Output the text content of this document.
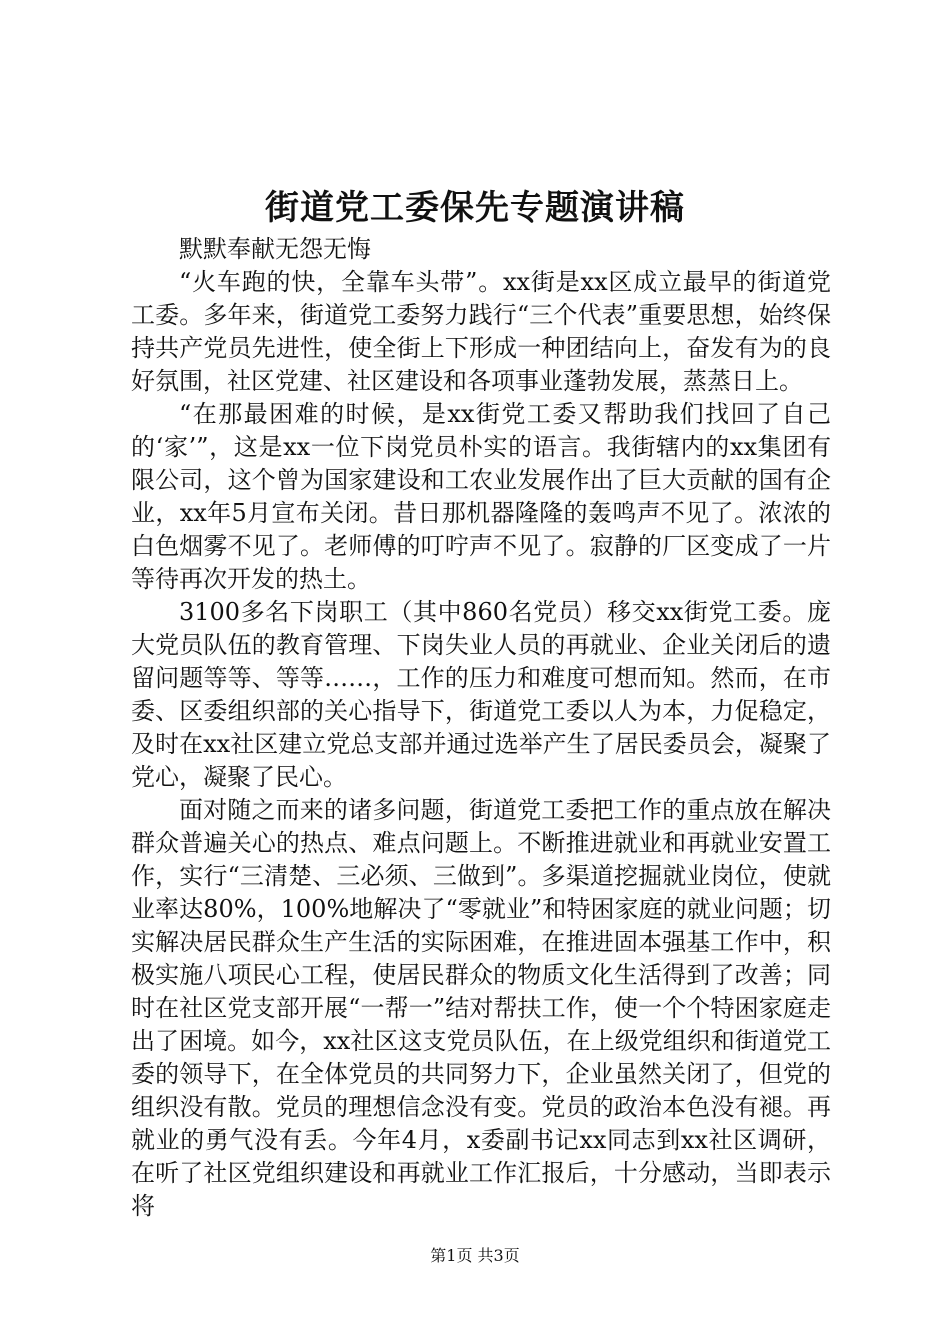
街道党工委保先专题演讲稿

默默奉献无怨无悔

“火车跑的快，全靠车头带”。xx街是xx区成立最早的街道党工委。多年来，街道党工委努力践行“三个代表”重要思想，始终保持共产党员先进性，使全街上下形成一种团结向上，奋发有为的良好氛围，社区党建、社区建设和各项事业蓬勃发展，蒸蒸日上。

“在那最困难的时候，是xx街党工委又帮助我们找回了自己的‘家’”，这是xx一位下岗党员朴实的语言。我街辖内的xx集团有限公司，这个曾为国家建设和工农业发展作出了巨大贡献的国有企业，xx年5月宣布关闭。昔日那机器隆隆的轰鸣声不见了。浓浓的白色烟雾不见了。老师傅的叮咛声不见了。寂静的厂区变成了一片等待再次开发的热土。

3100多名下岗职工（其中860名党员）移交xx街党工委。庞大党员队伍的教育管理、下岗失业人员的再就业、企业关闭后的遗留问题等等、等等……，工作的压力和难度可想而知。然而，在市委、区委组织部的关心指导下，街道党工委以人为本，力促稳定，及时在xx社区建立党总支部并通过选举产生了居民委员会，凝聚了党心，凝聚了民心。

面对随之而来的诸多问题，街道党工委把工作的重点放在解决群众普遍关心的热点、难点问题上。不断推进就业和再就业安置工作，实行“三清楚、三必须、三做到”。多渠道挖掘就业岗位，使就业率达80%，100%地解决了“零就业”和特困家庭的就业问题；切实解决居民群众生产生活的实际困难，在推进固本强基工作中，积极实施八项民心工程，使居民群众的物质文化生活得到了改善；同时在社区党支部开展“一帮一”结对帮扶工作，使一个个特困家庭走出了困境。如今，xx社区这支党员队伍，在上级党组织和街道党工委的领导下，在全体党员的共同努力下，企业虽然关闭了，但党的组织没有散。党员的理想信念没有变。党员的政治本色没有褪。再就业的勇气没有丢。今年4月，x委副书记xx同志到xx社区调研，在听了社区党组织建设和再就业工作汇报后，十分感动，当即表示将

第1页 共3页
